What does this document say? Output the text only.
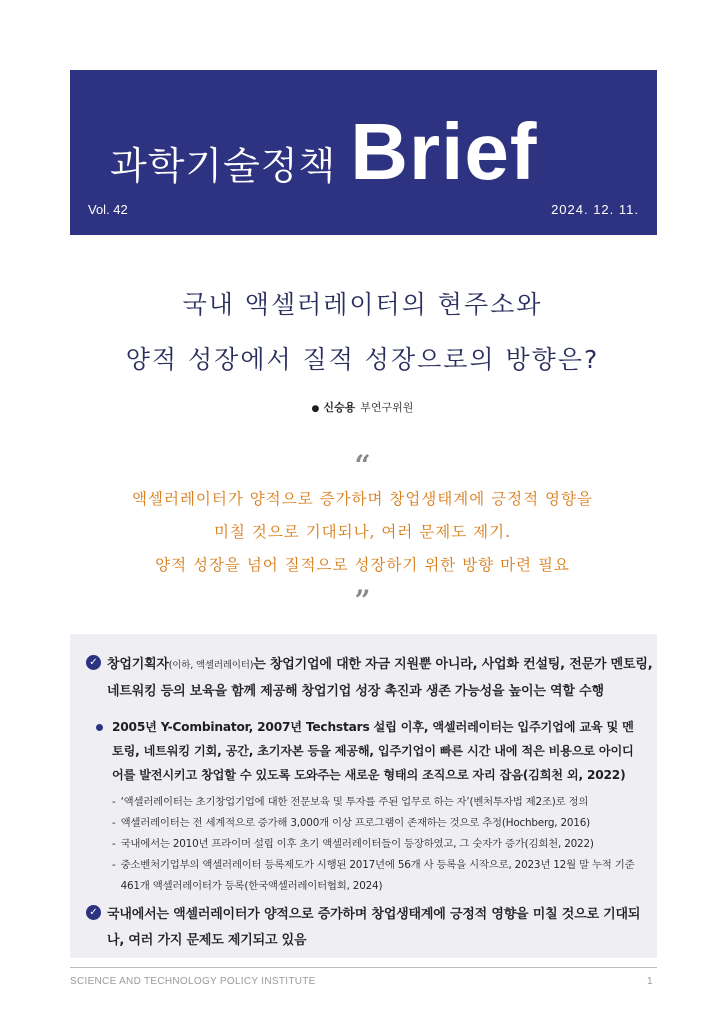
과학기술정책 Brief
Vol. 42	2024. 12. 11.
국내 액셀러레이터의 현주소와
양적 성장에서 질적 성장으로의 방향은?
● 신승용 부연구위원
“
액셀러레이터가 양적으로 증가하며 창업생태계에 긍정적 영향을
미칠 것으로 기대되나, 여러 문제도 제기.
양적 성장을 넘어 질적으로 성장하기 위한 방향 마련 필요
”
✓ 창업기획자(이하, 액셀러레이터)는 창업기업에 대한 자금 지원뿐 아니라, 사업화 컨설팅, 전문가 멘토링, 네트워킹 등의 보육을 함께 제공해 창업기업 성장 촉진과 생존 가능성을 높이는 역할 수행
2005년 Y-Combinator, 2007년 Techstars 설립 이후, 액셀러레이터는 입주기업에 교육 및 멘토링, 네트워킹 기회, 공간, 초기자본 등을 제공해, 입주기업이 빠른 시간 내에 적은 비용으로 아이디어를 발전시키고 창업할 수 있도록 도와주는 새로운 형태의 조직으로 자리 잡음(김희천 외, 2022)
- ‘액셀러레이터는 초기창업기업에 대한 전문보육 및 투자를 주된 업무로 하는 자’(벤처투자법 제2조)로 정의
- 액셀러레이터는 전 세계적으로 증가해 3,000개 이상 프로그램이 존재하는 것으로 추정(Hochberg, 2016)
- 국내에서는 2010년 프라이머 설립 이후 초기 액셀러레이터들이 등장하였고, 그 숫자가 증가(김희천, 2022)
- 중소벤처기업부의 액셀러레이터 등록제도가 시행된 2017년에 56개 사 등록을 시작으로, 2023년 12월 말 누적 기준 461개 액셀러레이터가 등록(한국액셀러레이터협회, 2024)
✓ 국내에서는 액셀러레이터가 양적으로 증가하며 창업생태계에 긍정적 영향을 미칠 것으로 기대되나, 여러 가지 문제도 제기되고 있음
SCIENCE AND TECHNOLOGY POLICY INSTITUTE	1
